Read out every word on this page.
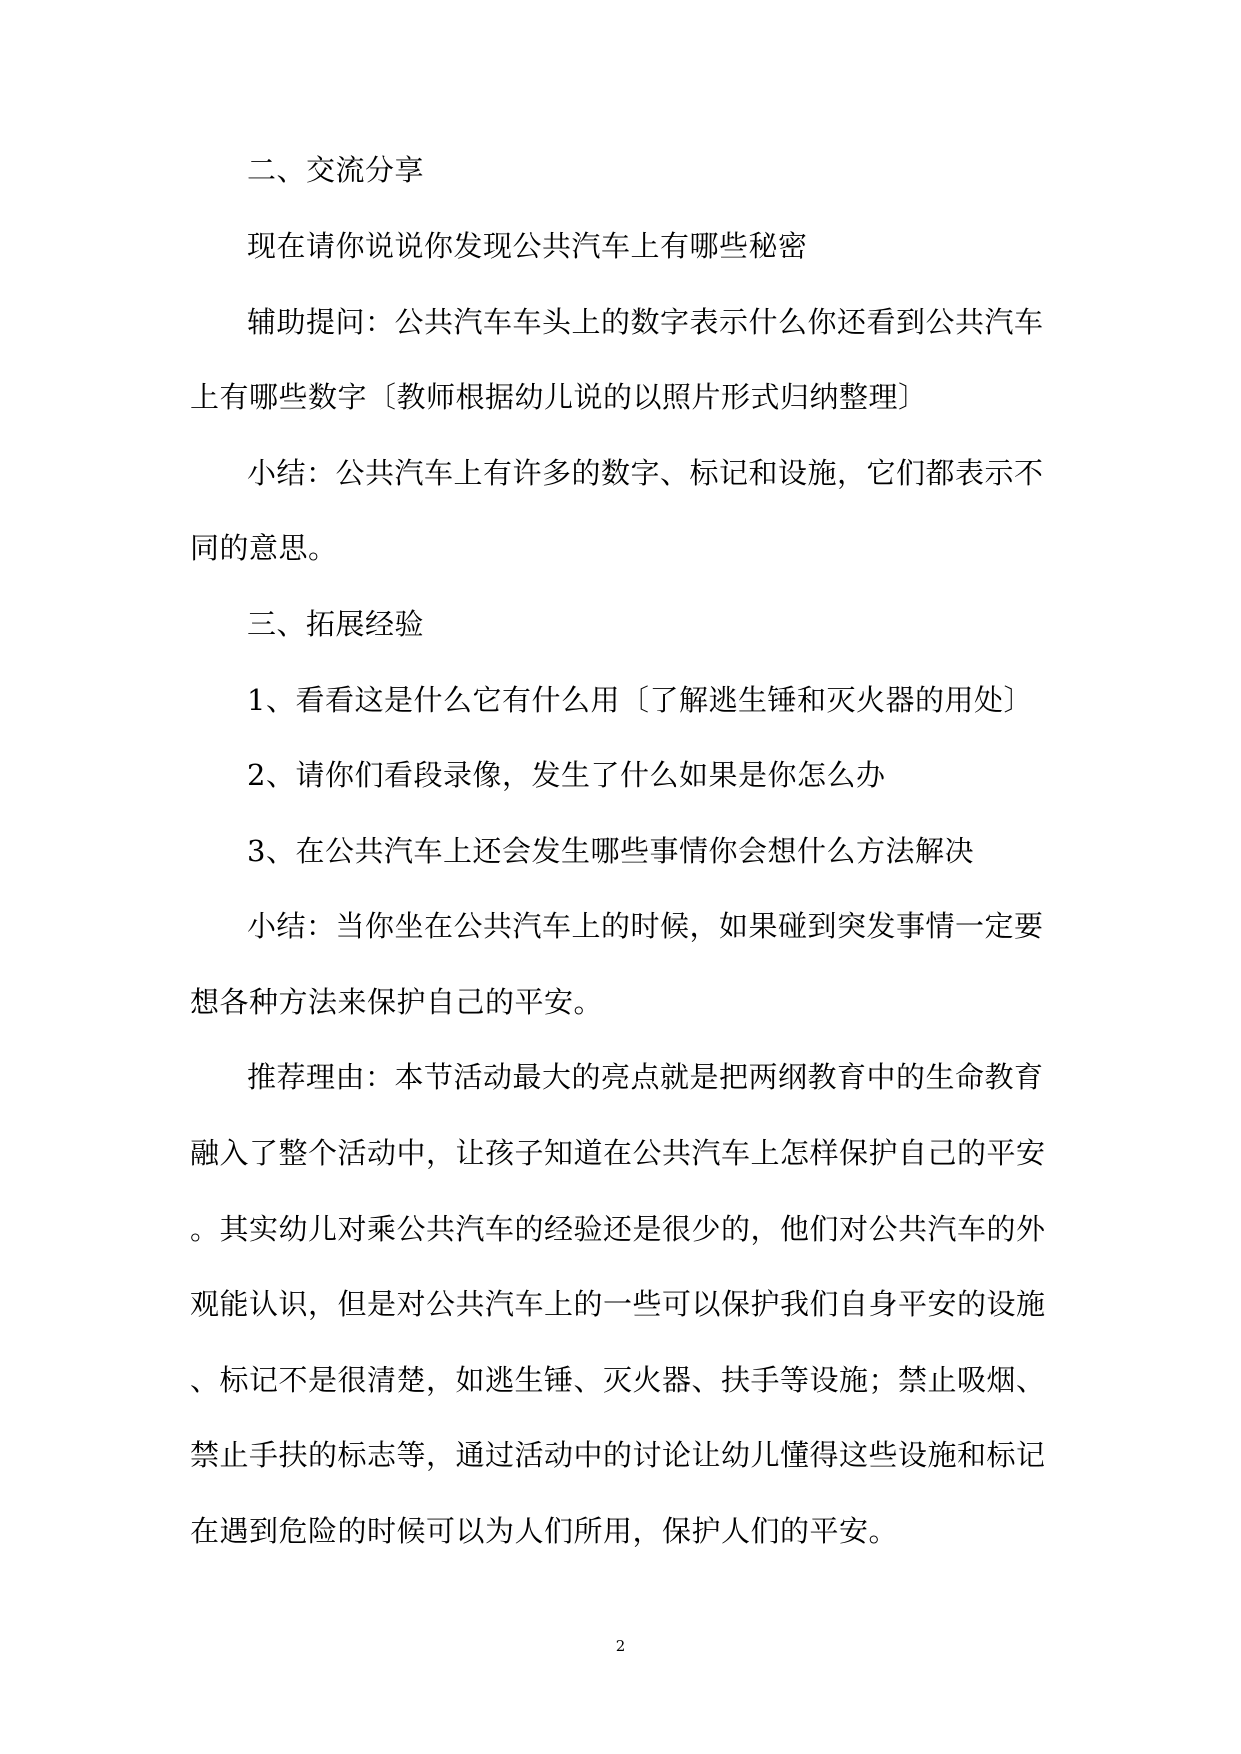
二、交流分享
现在请你说说你发现公共汽车上有哪些秘密
辅助提问：公共汽车车头上的数字表示什么你还看到公共汽车
上有哪些数字〔教师根据幼儿说的以照片形式归纳整理〕
小结：公共汽车上有许多的数字、标记和设施，它们都表示不
同的意思。
三、拓展经验
1、看看这是什么它有什么用〔了解逃生锤和灭火器的用处〕
2、请你们看段录像，发生了什么如果是你怎么办
3、在公共汽车上还会发生哪些事情你会想什么方法解决
小结：当你坐在公共汽车上的时候，如果碰到突发事情一定要
想各种方法来保护自己的平安。
推荐理由：本节活动最大的亮点就是把两纲教育中的生命教育
融入了整个活动中，让孩子知道在公共汽车上怎样保护自己的平安
。其实幼儿对乘公共汽车的经验还是很少的，他们对公共汽车的外
观能认识，但是对公共汽车上的一些可以保护我们自身平安的设施
、标记不是很清楚，如逃生锤、灭火器、扶手等设施；禁止吸烟、
禁止手扶的标志等，通过活动中的讨论让幼儿懂得这些设施和标记
在遇到危险的时候可以为人们所用，保护人们的平安。
2
